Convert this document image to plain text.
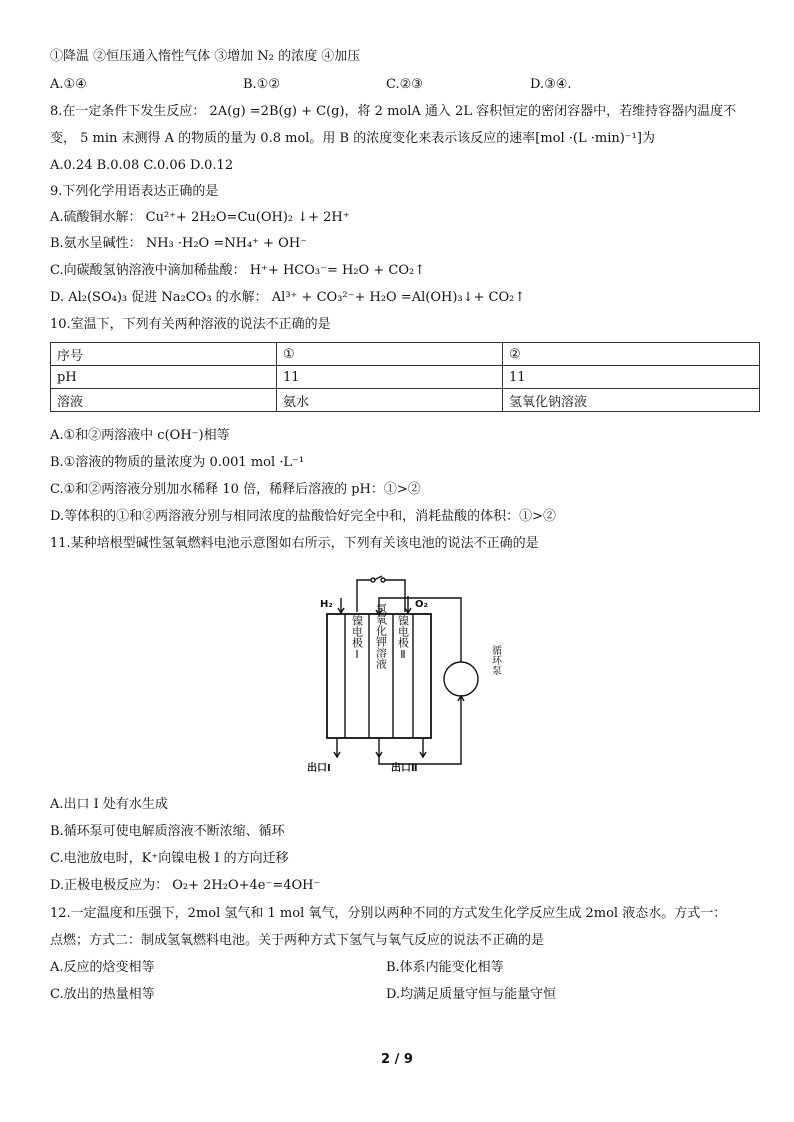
①降温 ②恒压通入惰性气体 ③增加 N₂ 的浓度 ④加压
A.①④	B.①②	C.②③	D.③④.
8.在一定条件下发生反应： 2A(g) =2B(g) + C(g)，将 2 molA 通入 2L 容积恒定的密闭容器中，若维持容器内温度不
变， 5 min 末测得 A 的物质的量为 0.8 mol。用 B 的浓度变化来表示该反应的速率[mol ·(L ·min)⁻¹]为
A.0.24 B.0.08 C.0.06 D.0.12
9.下列化学用语表达正确的是
A.硫酸铜水解： Cu²⁺+ 2H₂O=Cu(OH)₂ ↓+ 2H⁺
B.氨水呈碱性： NH₃ ·H₂O =NH₄⁺ + OH⁻
C.向碳酸氢钠溶液中滴加稀盐酸： H⁺+ HCO₃⁻= H₂O + CO₂↑
D. Al₂(SO₄)₃ 促进 Na₂CO₃ 的水解： Al³⁺ + CO₃²⁻+ H₂O =Al(OH)₃↓+ CO₂↑
10.室温下，下列有关两种溶液的说法不正确的是
序号	①	②
pH	11	11
溶液	氨水	氢氧化钠溶液
A.①和②两溶液中 c(OH⁻)相等
B.①溶液的物质的量浓度为 0.001 mol ·L⁻¹
C.①和②两溶液分别加水稀释 10 倍，稀释后溶液的 pH：①>②
D.等体积的①和②两溶液分别与相同浓度的盐酸恰好完全中和，消耗盐酸的体积：①>②
11.某种培根型碱性氢氧燃料电池示意图如右所示，下列有关该电池的说法不正确的是
H₂	O₂
镍电极Ⅰ 氢氧化钾溶液 镍电极Ⅱ
出口Ⅰ	出口Ⅱ
循环泵
A.出口 I 处有水生成
B.循环泵可使电解质溶液不断浓缩、循环
C.电池放电时，K⁺向镍电极 I 的方向迁移
D.正极电极反应为： O₂+ 2H₂O+4e⁻=4OH⁻
12.一定温度和压强下，2mol 氢气和 1 mol 氧气，分别以两种不同的方式发生化学反应生成 2mol 液态水。方式一：
点燃；方式二：制成氢氧燃料电池。关于两种方式下氢气与氧气反应的说法不正确的是
A.反应的焓变相等	B.体系内能变化相等
C.放出的热量相等	D.均满足质量守恒与能量守恒
2 / 9
